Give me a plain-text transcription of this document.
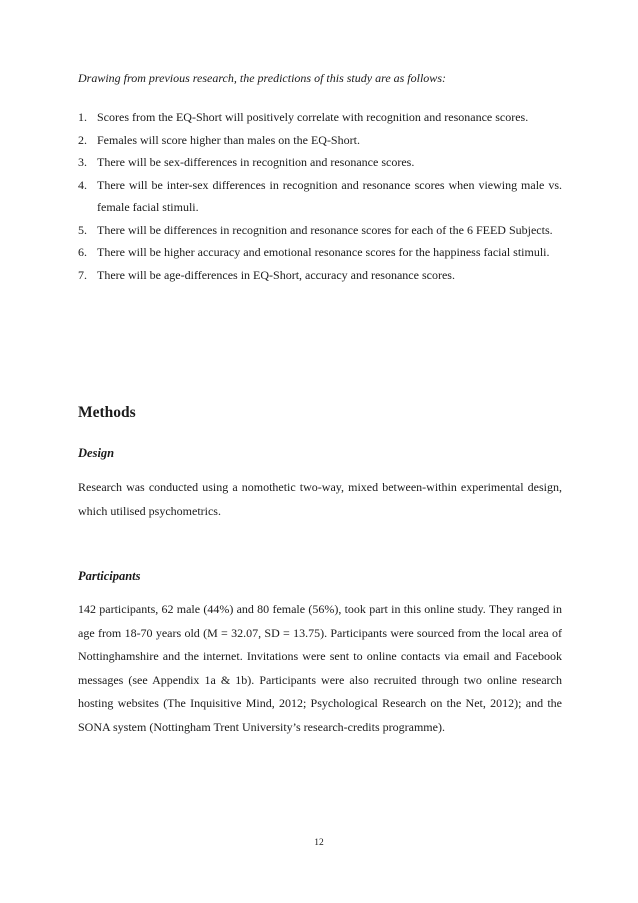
Drawing from previous research, the predictions of this study are as follows:

1. Scores from the EQ-Short will positively correlate with recognition and resonance scores.
2. Females will score higher than males on the EQ-Short.
3. There will be sex-differences in recognition and resonance scores.
4. There will be inter-sex differences in recognition and resonance scores when viewing male vs. female facial stimuli.
5. There will be differences in recognition and resonance scores for each of the 6 FEED Subjects.
6. There will be higher accuracy and emotional resonance scores for the happiness facial stimuli.
7. There will be age-differences in EQ-Short, accuracy and resonance scores.
Methods
Design

Research was conducted using a nomothetic two-way, mixed between-within experimental design, which utilised psychometrics.

Participants

142 participants, 62 male (44%) and 80 female (56%), took part in this online study. They ranged in age from 18-70 years old (M = 32.07, SD = 13.75). Participants were sourced from the local area of Nottinghamshire and the internet. Invitations were sent to online contacts via email and Facebook messages (see Appendix 1a & 1b). Participants were also recruited through two online research hosting websites (The Inquisitive Mind, 2012; Psychological Research on the Net, 2012); and the SONA system (Nottingham Trent University’s research-credits programme).

12
